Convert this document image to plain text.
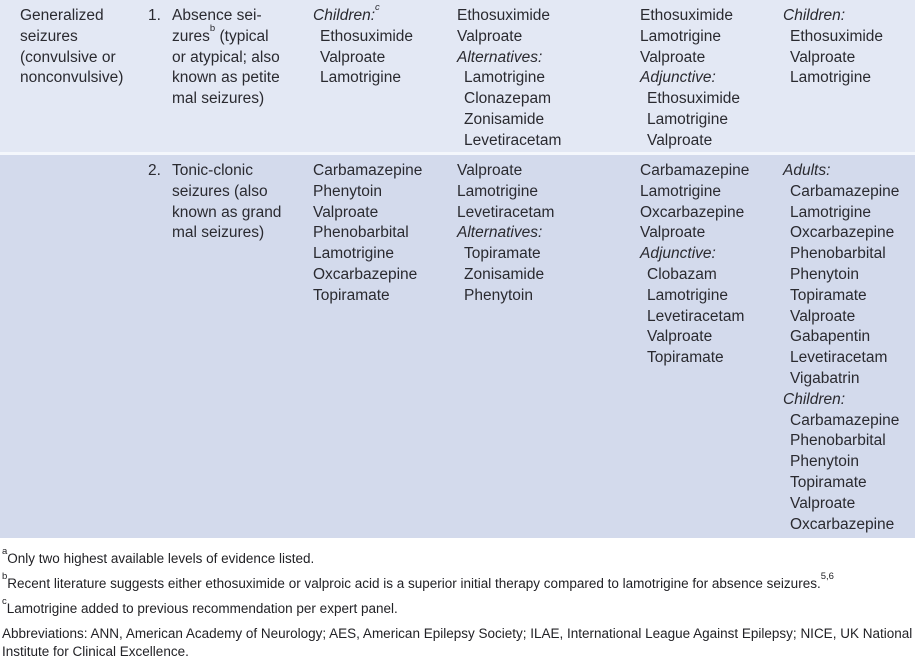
Generalized
seizures
(convulsive or
nonconvulsive)
1. Absence sei-
zures$^b$ (typical
or atypical; also
known as petite
mal seizures)
Children:$^c$
Ethosuximide
Valproate
Lamotrigine
Ethosuximide
Valproate
Alternatives:
Lamotrigine
Clonazepam
Zonisamide
Levetiracetam
Ethosuximide
Lamotrigine
Valproate
Adjunctive:
Ethosuximide
Lamotrigine
Valproate
Children:
Ethosuximide
Valproate
Lamotrigine
2. Tonic-clonic
seizures (also
known as grand
mal seizures)
Carbamazepine
Phenytoin
Valproate
Phenobarbital
Lamotrigine
Oxcarbazepine
Topiramate
Valproate
Lamotrigine
Levetiracetam
Alternatives:
Topiramate
Zonisamide
Phenytoin
Carbamazepine
Lamotrigine
Oxcarbazepine
Valproate
Adjunctive:
Clobazam
Lamotrigine
Levetiracetam
Valproate
Topiramate
Adults:
Carbamazepine
Lamotrigine
Oxcarbazepine
Phenobarbital
Phenytoin
Topiramate
Valproate
Gabapentin
Levetiracetam
Vigabatrin
Children:
Carbamazepine
Phenobarbital
Phenytoin
Topiramate
Valproate
Oxcarbazepine

$^a$Only two highest available levels of evidence listed.

$^b$Recent literature suggests either ethosuximide or valproic acid is a superior initial therapy compared to lamotrigine for absence seizures.$^{5,6}$

$^c$Lamotrigine added to previous recommendation per expert panel.

Abbreviations: ANN, American Academy of Neurology; AES, American Epilepsy Society; ILAE, International League Against Epilepsy; NICE, UK National Institute for Clinical Excellence.
